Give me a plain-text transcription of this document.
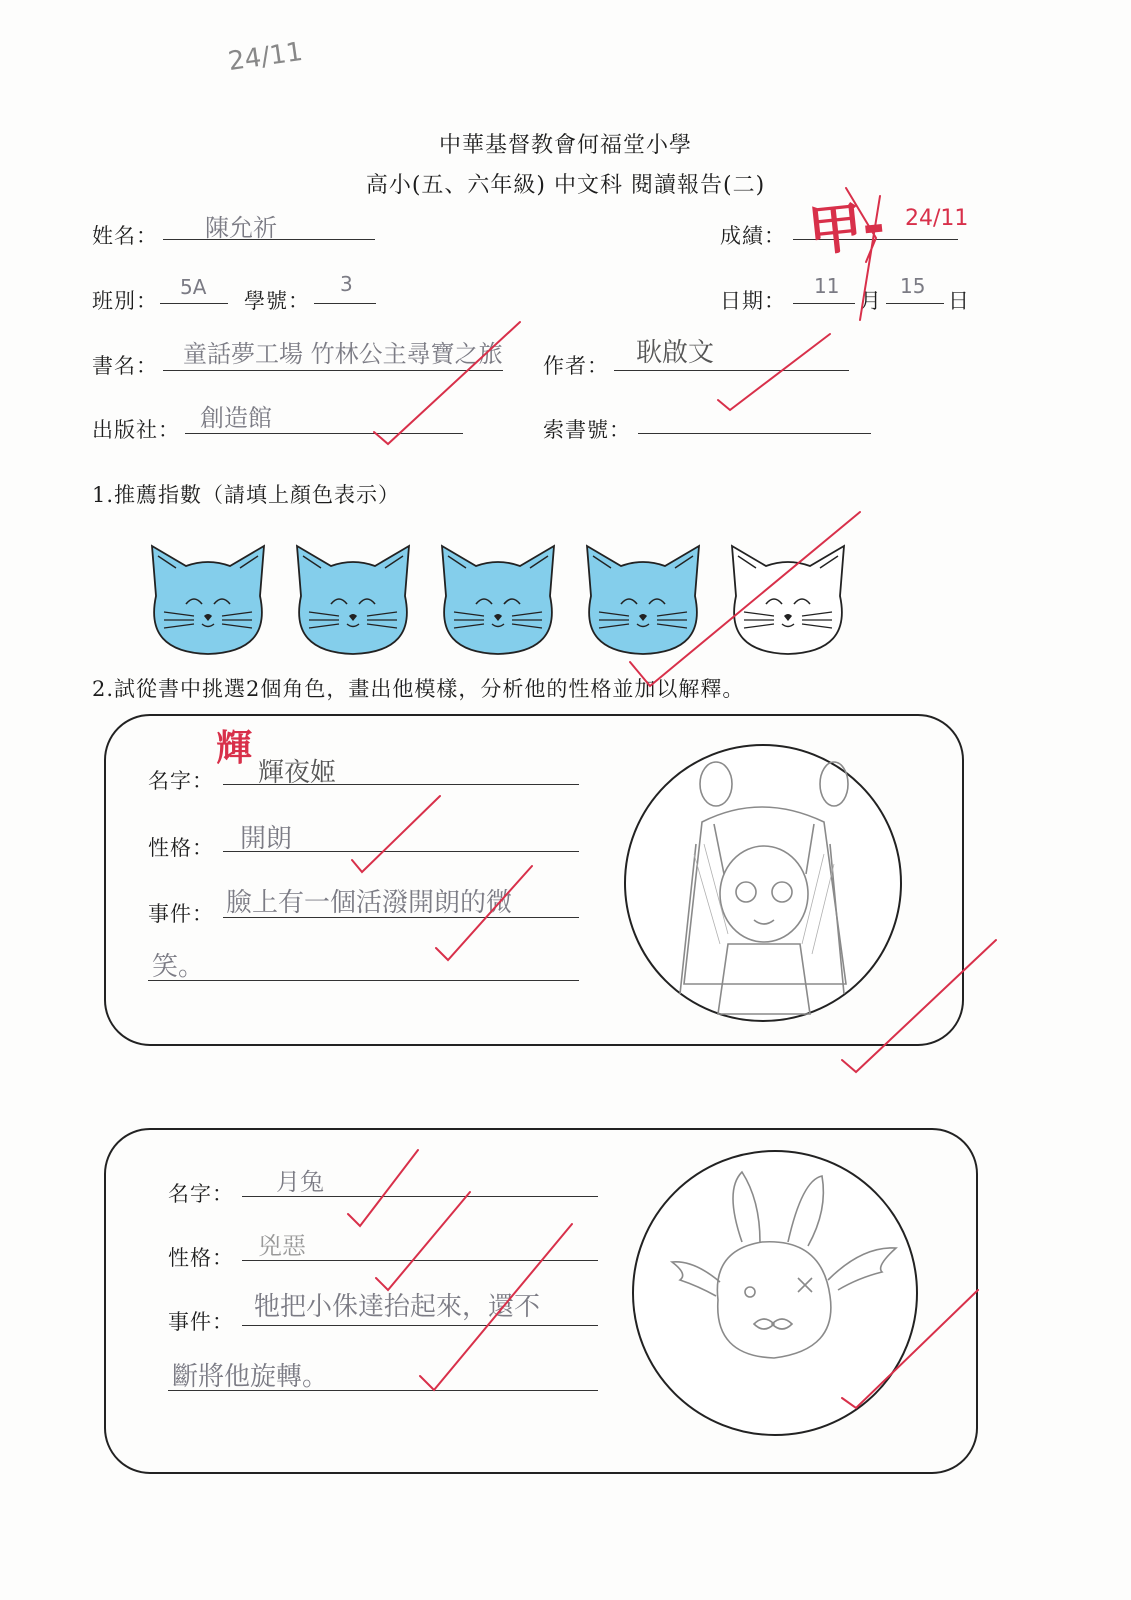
24/11
中華基督教會何福堂小學
高小(五、六年級) 中文科 閱讀報告(二)
姓名： 陳允祈	成績： 甲- 24/11
班別：
5A
學號：
3
日期：
11
月
15
日
書名： 童話夢工場 竹林公主尋寶之旅 作者： 耿啟文
出版社： 創造館	索書號：
1.推薦指數（請填上顏色表示）
2.試從書中挑選2個角色，畫出他模樣，分析他的性格並加以解釋。
名字：
輝
輝夜姬
性格： 開朗
事件： 臉上有一個活潑開朗的微
笑。
名字： 月兔
性格： 兇惡
事件： 牠把小侏達抬起來，還不
斷將他旋轉。
